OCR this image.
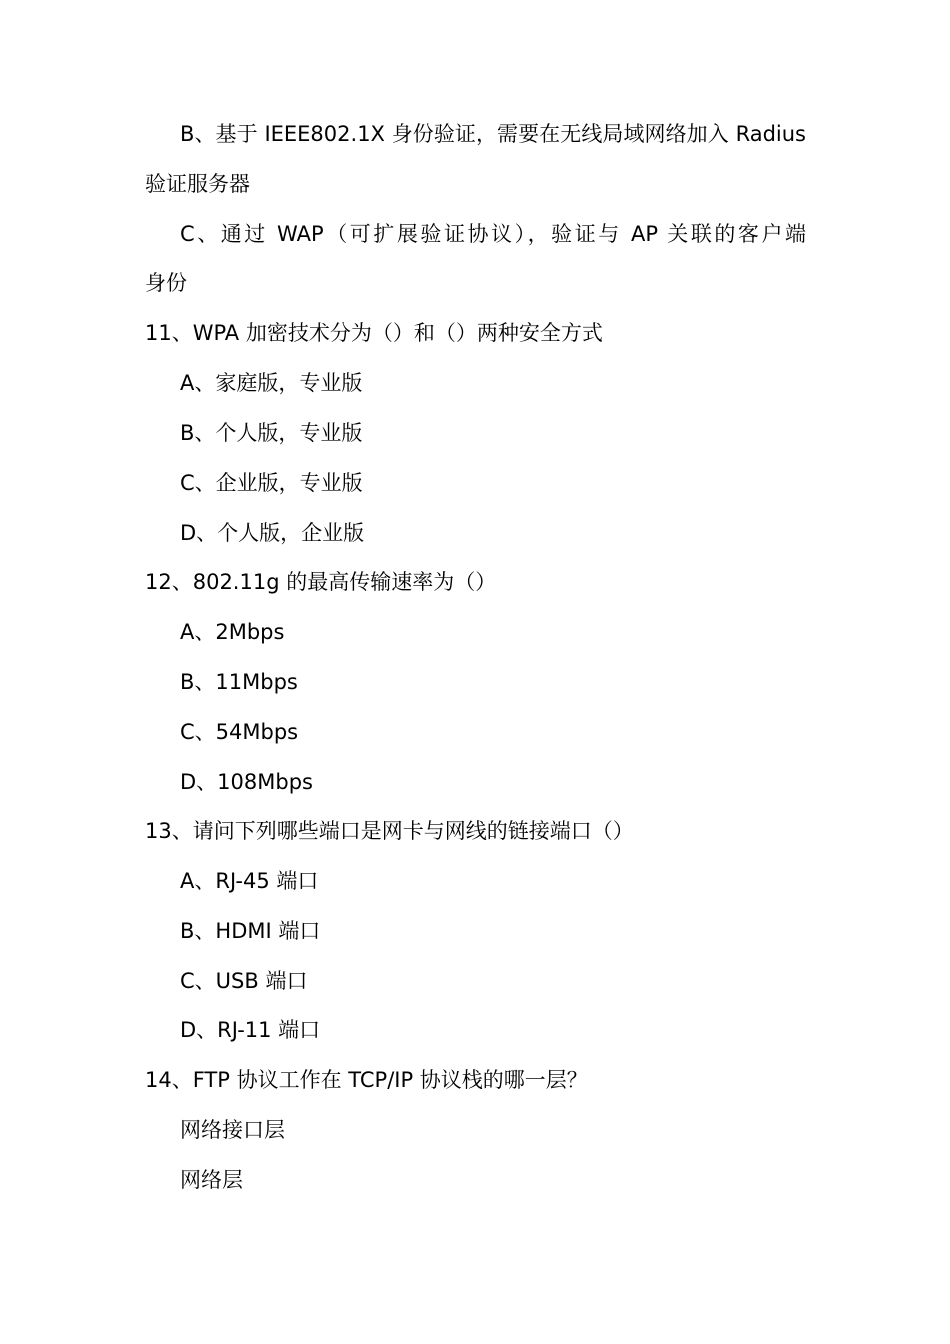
B、基于 IEEE802.1X 身份验证，需要在无线局域网络加入 Radius
验证服务器
C、通过 WAP（可扩展验证协议），验证与 AP 关联的客户端
身份
11、WPA 加密技术分为（）和（）两种安全方式
A、家庭版，专业版
B、个人版，专业版
C、企业版，专业版
D、个人版，企业版
12、802.11g 的最高传输速率为（）
A、2Mbps
B、11Mbps
C、54Mbps
D、108Mbps
13、请问下列哪些端口是网卡与网线的链接端口（）
A、RJ-45 端口
B、HDMI 端口
C、USB 端口
D、RJ-11 端口
14、FTP 协议工作在 TCP/IP 协议栈的哪一层？
网络接口层
网络层
